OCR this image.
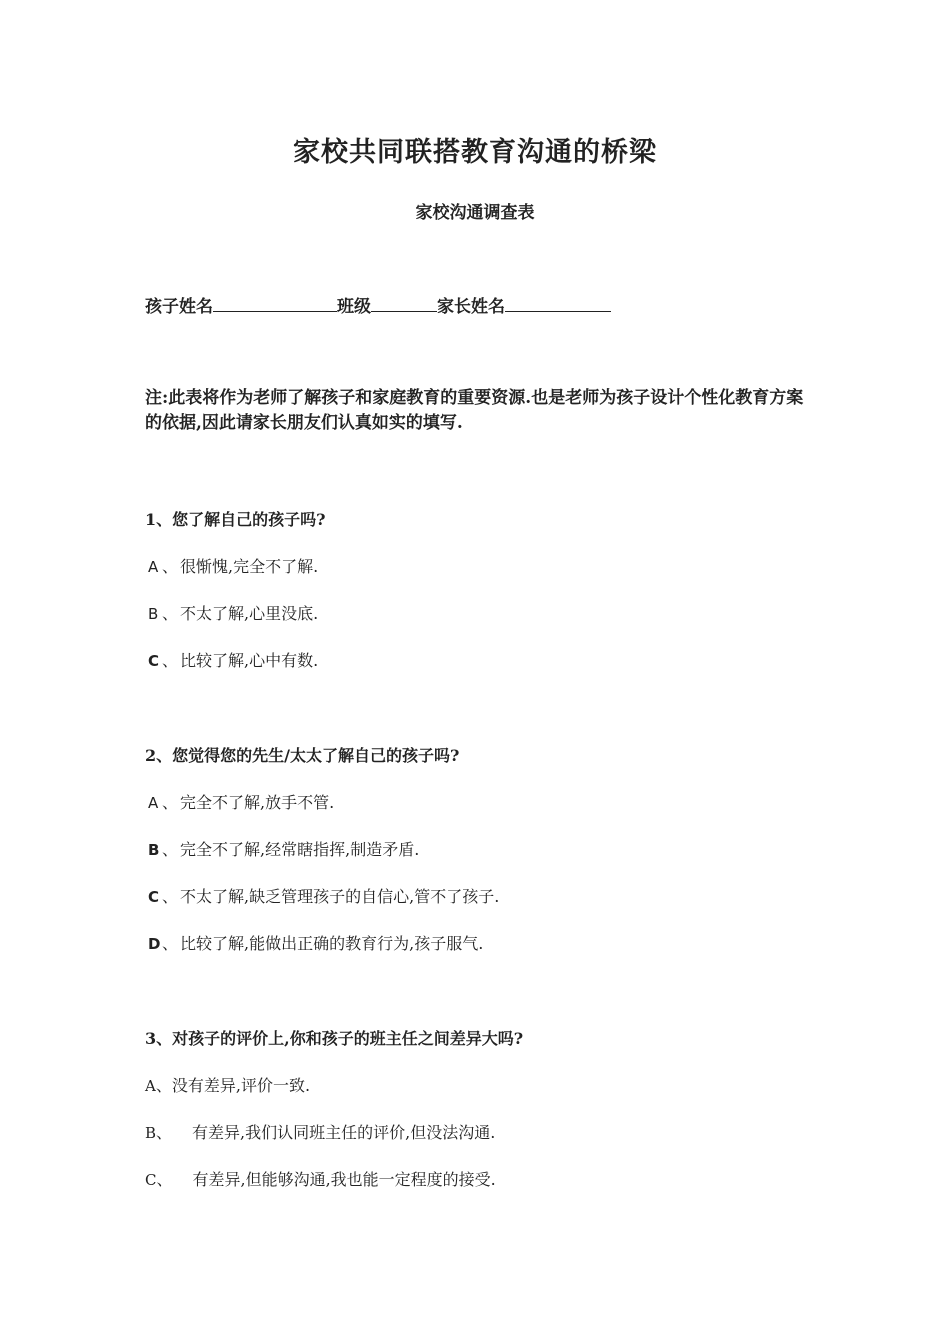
家校共同联搭教育沟通的桥梁
家校沟通调查表
孩子姓名	班级	家长姓名
注:此表将作为老师了解孩子和家庭教育的重要资源.也是老师为孩子设计个性化教育方案的依据,因此请家长朋友们认真如实的填写.
1、您了解自己的孩子吗?
A 、 很惭愧,完全不了解.
B 、 不太了解,心里没底.
C 、 比较了解,心中有数.
2、您觉得您的先生/太太了解自己的孩子吗?
A 、 完全不了解,放手不管.
B 、 完全不了解,经常瞎指挥,制造矛盾.
C 、 不太了解,缺乏管理孩子的自信心,管不了孩子.
D、 比较了解,能做出正确的教育行为,孩子服气.
3、对孩子的评价上,你和孩子的班主任之间差异大吗?
A、没有差异,评价一致.
B、 有差异,我们认同班主任的评价,但没法沟通.
C、 有差异,但能够沟通,我也能一定程度的接受.
